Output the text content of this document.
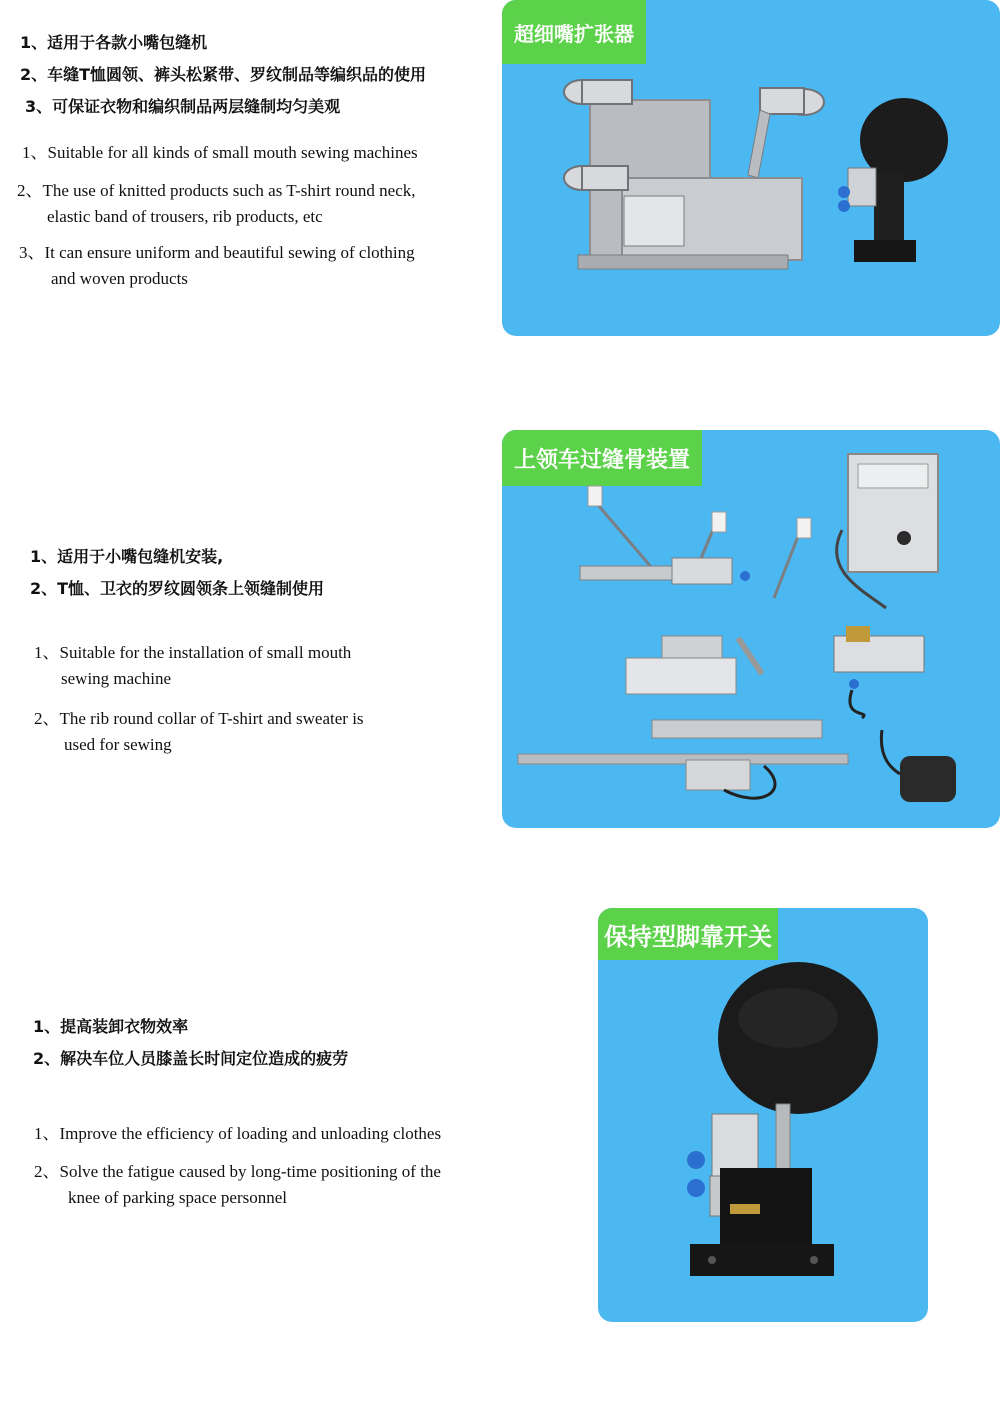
1、适用于各款小嘴包缝机
2、车缝T恤圆领、裤头松紧带、罗纹制品等编织品的使用
3、可保证衣物和编织制品两层缝制均匀美观
1、Suitable for all kinds of small mouth sewing machines
2、The use of knitted products such as T-shirt round neck,
elastic band of trousers, rib products, etc
3、It can ensure uniform and beautiful sewing of clothing
and woven products
超细嘴扩张器
1、适用于小嘴包缝机安装,
2、T恤、卫衣的罗纹圆领条上领缝制使用
1、Suitable for the installation of small mouth
sewing machine
2、The rib round collar of T-shirt and sweater is
used for sewing
上领车过缝骨装置
1、提高装卸衣物效率
2、解决车位人员膝盖长时间定位造成的疲劳
1、Improve the efficiency of loading and unloading clothes
2、Solve the fatigue caused by long-time positioning of the
knee of parking space personnel
保持型脚靠开关
